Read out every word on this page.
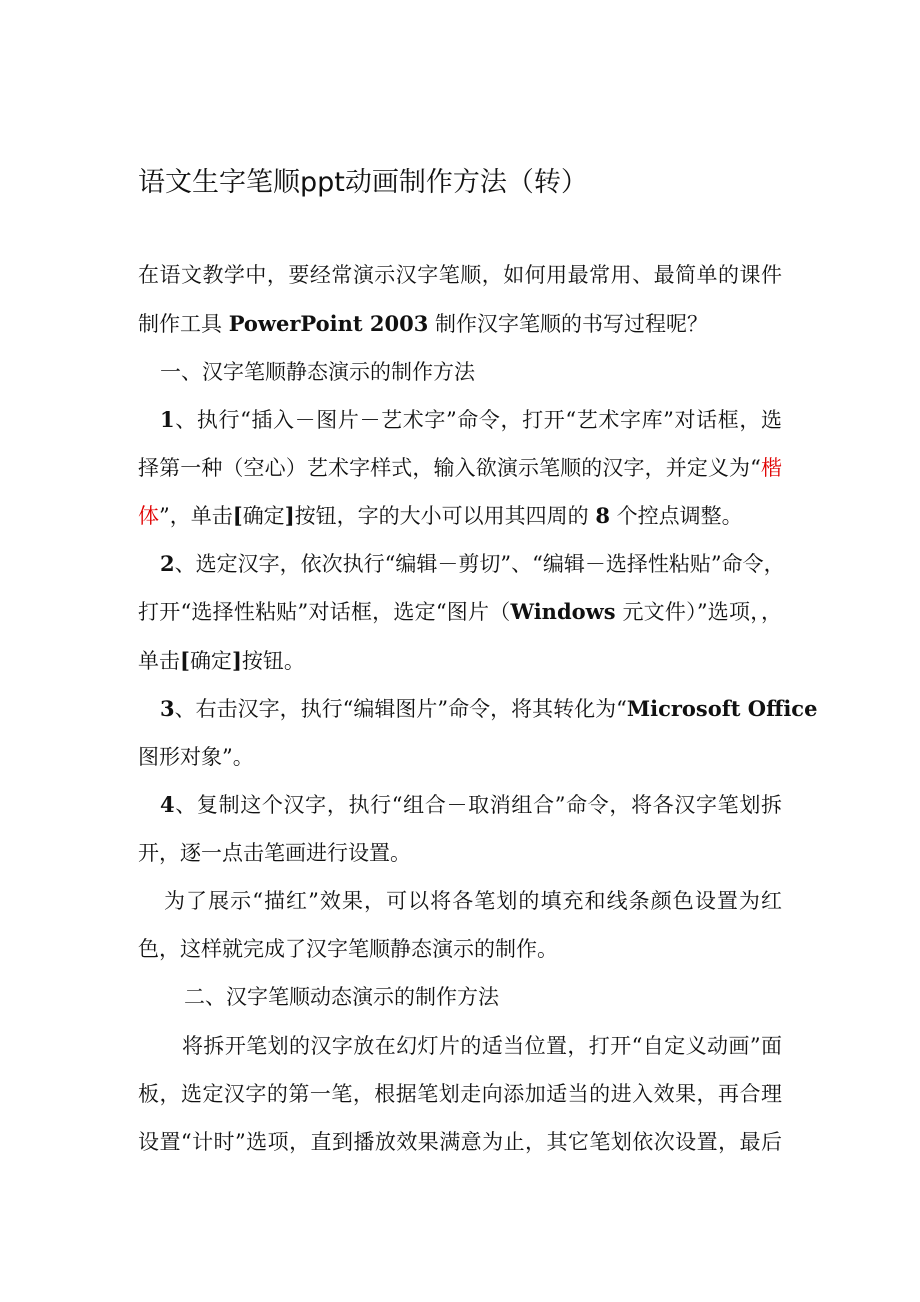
语文生字笔顺ppt动画制作方法（转）
在语文教学中，要经常演示汉字笔顺，如何用最常用、最简单的课件
制作工具 PowerPoint 2003 制作汉字笔顺的书写过程呢？
一、汉字笔顺静态演示的制作方法
1、执行“插入－图片－艺术字”命令，打开“艺术字库”对话框，选
择第一种（空心）艺术字样式，输入欲演示笔顺的汉字，并定义为“楷
体”，单击[确定]按钮，字的大小可以用其四周的 8 个控点调整。
2、选定汉字，依次执行“编辑－剪切”、“编辑－选择性粘贴”命令，
打开“选择性粘贴”对话框，选定“图片（Windows 元文件）”选项，，
单击[确定]按钮。
3、右击汉字，执行“编辑图片”命令，将其转化为“Microsoft Office
图形对象”。
4、复制这个汉字，执行“组合－取消组合”命令，将各汉字笔划拆
开，逐一点击笔画进行设置。
为了展示“描红”效果，可以将各笔划的填充和线条颜色设置为红
色，这样就完成了汉字笔顺静态演示的制作。
二、汉字笔顺动态演示的制作方法
将拆开笔划的汉字放在幻灯片的适当位置，打开“自定义动画”面
板，选定汉字的第一笔，根据笔划走向添加适当的进入效果，再合理
设置“计时”选项，直到播放效果满意为止，其它笔划依次设置，最后
